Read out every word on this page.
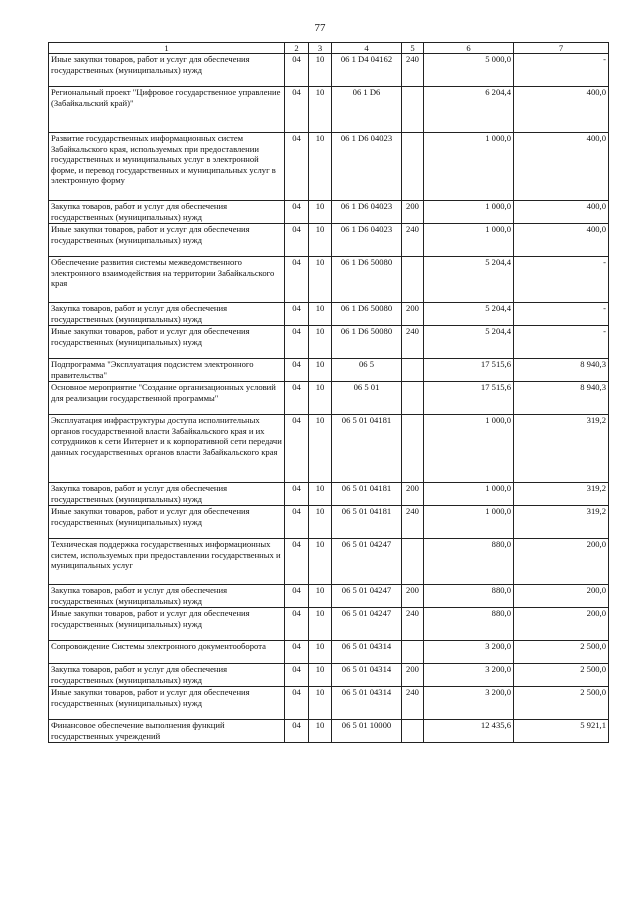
77
1	2	3	4	5	6	7
Иные закупки товаров, работ и услуг для обеспечения государственных (муниципальных) нужд	04	10	06 1 D4 04162	240	5 000,0	-
Региональный проект "Цифровое государственное управление (Забайкальский край)"	04	10	06 1 D6		6 204,4	400,0
Развитие государственных информационных систем Забайкальского края, используемых при предоставлении государственных и муниципальных услуг в электронной форме, и перевод государственных и муниципальных услуг в электронную форму	04	10	06 1 D6 04023		1 000,0	400,0
Закупка товаров, работ и услуг для обеспечения государственных (муниципальных) нужд	04	10	06 1 D6 04023	200	1 000,0	400,0
Иные закупки товаров, работ и услуг для обеспечения государственных (муниципальных) нужд	04	10	06 1 D6 04023	240	1 000,0	400,0
Обеспечение развития системы межведомственного электронного взаимодействия на территории Забайкальского края	04	10	06 1 D6 50080		5 204,4	-
Закупка товаров, работ и услуг для обеспечения государственных (муниципальных) нужд	04	10	06 1 D6 50080	200	5 204,4	-
Иные закупки товаров, работ и услуг для обеспечения государственных (муниципальных) нужд	04	10	06 1 D6 50080	240	5 204,4	-
Подпрограмма "Эксплуатация подсистем электронного правительства"	04	10	06 5		17 515,6	8 940,3
Основное мероприятие "Создание организационных условий для реализации государственной программы"	04	10	06 5 01		17 515,6	8 940,3
Эксплуатация инфраструктуры доступа исполнительных органов государственной власти Забайкальского края и их сотрудников к сети Интернет и к корпоративной сети передачи данных государственных органов власти Забайкальского края	04	10	06 5 01 04181		1 000,0	319,2
Закупка товаров, работ и услуг для обеспечения государственных (муниципальных) нужд	04	10	06 5 01 04181	200	1 000,0	319,2
Иные закупки товаров, работ и услуг для обеспечения государственных (муниципальных) нужд	04	10	06 5 01 04181	240	1 000,0	319,2
Техническая поддержка государственных информационных систем, используемых при предоставлении государственных и муниципальных услуг	04	10	06 5 01 04247		880,0	200,0
Закупка товаров, работ и услуг для обеспечения государственных (муниципальных) нужд	04	10	06 5 01 04247	200	880,0	200,0
Иные закупки товаров, работ и услуг для обеспечения государственных (муниципальных) нужд	04	10	06 5 01 04247	240	880,0	200,0
Сопровождение Системы электронного документооборота	04	10	06 5 01 04314		3 200,0	2 500,0
Закупка товаров, работ и услуг для обеспечения государственных (муниципальных) нужд	04	10	06 5 01 04314	200	3 200,0	2 500,0
Иные закупки товаров, работ и услуг для обеспечения государственных (муниципальных) нужд	04	10	06 5 01 04314	240	3 200,0	2 500,0
Финансовое обеспечение выполнения функций государственных учреждений	04	10	06 5 01 10000		12 435,6	5 921,1
